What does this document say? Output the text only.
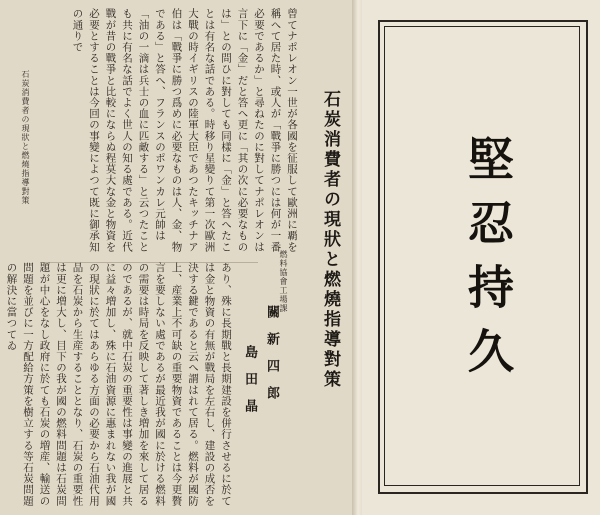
堅忍持久
石炭消費者の現狀と燃燒指導對策
燃料協會工場課
關新四郎
島田晶

曾てナポレオン一世が各國を征服して歐洲に覇を稱へて居た時、或人が「戰爭に勝つには何が一番必要であるか」と尋ねたのに對してナポレオンは言下に「金」だと答へ更に「其の次に必要なものは」との問ひに對しても同樣に「金」と答へたことは有名な話である。時移り星變りて第一次歐洲大戰の時イギリスの陸軍大臣であつたキッチナア伯は「戰爭に勝つ爲めに必要なものは人、金、物である」と答へ、フランスのポワンカレ元帥は「油の一滴は兵士の血に匹敵する」と云つたことも共に有名な話でよく世人の知る處である。近代戰が昔の戰爭と比較にならぬ程莫大な金と物資を必要とすることは今回の事變によつて既に御承知の通りで

あり、殊に長期戰と長期建設を併行させるに於ては金と物資の有無が戰局を左右し、建設の成否を決する鍵であると云へ謂はれて居る。燃料が國防上、産業上不可缺の重要物資であることは今更贅言を要しない處であるが最近我が國に於ける燃料の需要は時局を反映して著しき増加を來して居るのであるが、就中石炭の重要性は事變の進展と共に益々増加し、殊に石油資源に惠まれない我が國の現狀に於てはあらゆる方面の必要から石油代用品を石炭から生産することとなり、石炭の重要性は更に増大し、目下の我が國の燃料問題は石炭問題が中心をなし政府に於ても石炭の増産、輸送の問題を並びに一方配給方策を樹立する等石炭問題の解決に當つてゐ

石炭消費者の現狀と燃燒指導對策
